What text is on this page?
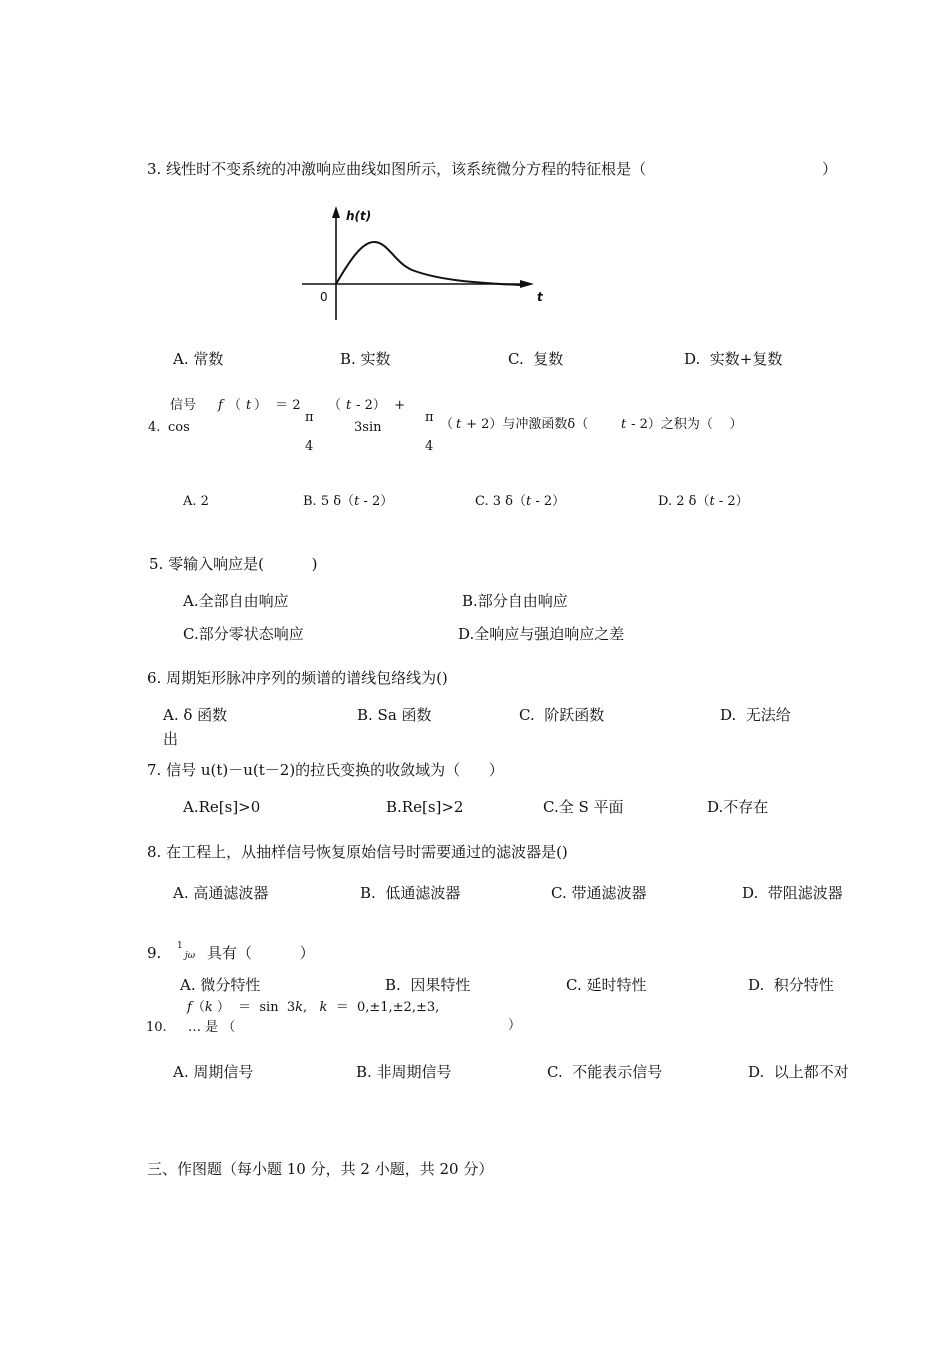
3. 线性时不变系统的冲激响应曲线如图所示，该系统微分方程的特征根是（	）
h(t)
t
0
A. 常数	B. 实数	C.  复数	D.  实数+复数
信号 f （ t ）  ＝ 2 （ t - 2）  +
π	π
4. cos	3sin	（ t + 2）与冲激函数δ（	t - 2）之积为（    ）
4	4
A. 2	B. 5 δ（t - 2）	C. 3 δ（t - 2）	D. 2 δ（t - 2）
5. 零输入响应是(          )
A.全部自由响应	B.部分自由响应
C.部分零状态响应	D.全响应与强迫响应之差
6. 周期矩形脉冲序列的频谱的谱线包络线为()
A. δ 函数	B. Sa 函数	C.  阶跃函数	D.  无法给
出
7. 信号 u(t)－u(t－2)的拉氏变换的收敛域为（      ）
A.Re[s]>0	B.Re[s]>2	C.全 S 平面	D.不存在
8. 在工程上，从抽样信号恢复原始信号时需要通过的滤波器是()
A. 高通滤波器	B.  低通滤波器	C. 带通滤波器	D.  带阻滤波器
9. 1
jω 具有（          ）
A. 微分特性	B.  因果特性	C. 延时特性	D.  积分特性
f（k ）  ＝  sin  3k,   k  ＝  0,±1,±2,±3,
10. … 是 （	）
A. 周期信号	B. 非周期信号	C.  不能表示信号	D.  以上都不对
三、作图题（每小题 10 分，共 2 小题，共 20 分）
